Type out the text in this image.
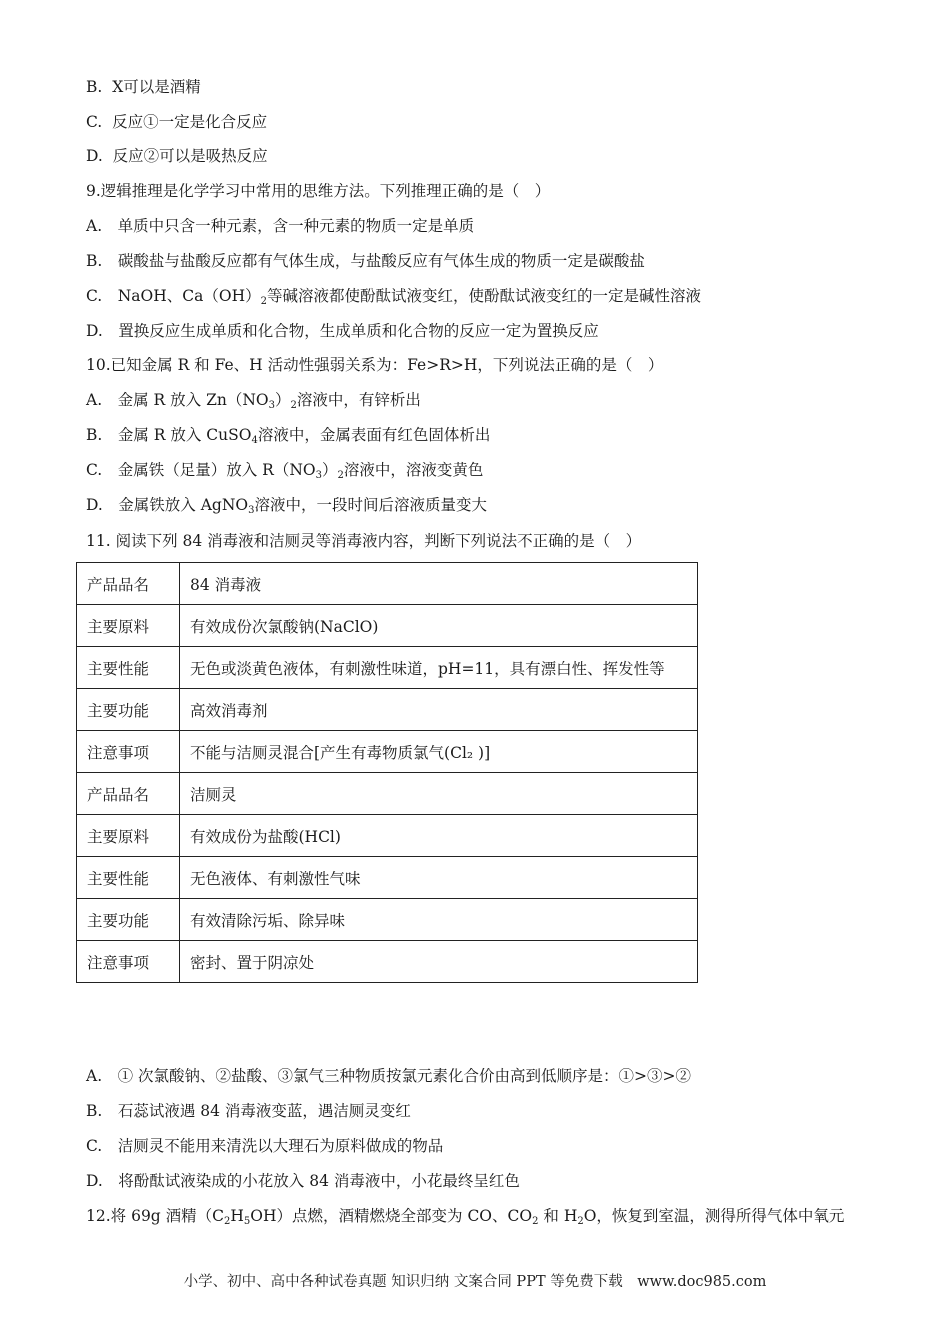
B. X可以是酒精
C. 反应①一定是化合反应
D. 反应②可以是吸热反应
9.逻辑推理是化学学习中常用的思维方法。下列推理正确的是（　）
A.　单质中只含一种元素，含一种元素的物质一定是单质
B.　碳酸盐与盐酸反应都有气体生成，与盐酸反应有气体生成的物质一定是碳酸盐
C.　NaOH、$Ca(OH)_2$等碱溶液都使酚酞试液变红，使酚酞试液变红的一定是碱性溶液
D.　置换反应生成单质和化合物，生成单质和化合物的反应一定为置换反应
10.已知金属 R 和 Fe、H 活动性强弱关系为：Fe>R>H，下列说法正确的是（　）
A.　金属 R 放入 $Zn(NO_3)_2$溶液中，有锌析出
B.　金属 R 放入 CuSO$_4$溶液中，金属表面有红色固体析出
C.　金属铁（足量）放入 $R(NO_3)_2$溶液中，溶液变黄色
D.　金属铁放入 AgNO$_3$溶液中，一段时间后溶液质量变大
11. 阅读下列 84 消毒液和洁厕灵等消毒液内容，判断下列说法不正确的是（　）
产品品名	84 消毒液
主要原料	有效成份次氯酸钠(NaClO)
主要性能	无色或淡黄色液体，有刺激性味道，pH=11，具有漂白性、挥发性等
主要功能	高效消毒剂
注意事项	不能与洁厕灵混合[产生有毒物质氯气(Cl₂ )]
产品品名	洁厕灵
主要原料	有效成份为盐酸(HCl)
主要性能	无色液体、有刺激性气味
主要功能	有效清除污垢、除异味
注意事项	密封、置于阴凉处
A.　① 次氯酸钠、②盐酸、③氯气三种物质按氯元素化合价由高到低顺序是：①>③>②
B.　石蕊试液遇 84 消毒液变蓝，遇洁厕灵变红
C.　洁厕灵不能用来清洗以大理石为原料做成的物品
D.　将酚酞试液染成的小花放入 84 消毒液中，小花最终呈红色
12.将 69g 酒精$(C_2H_5OH)$点燃，酒精燃烧全部变为 CO、$CO_2$ 和 $H_2O$，恢复到室温，测得所得气体中氧元
小学、初中、高中各种试卷真题 知识归纳 文案合同 PPT 等免费下载　www.doc985.com
